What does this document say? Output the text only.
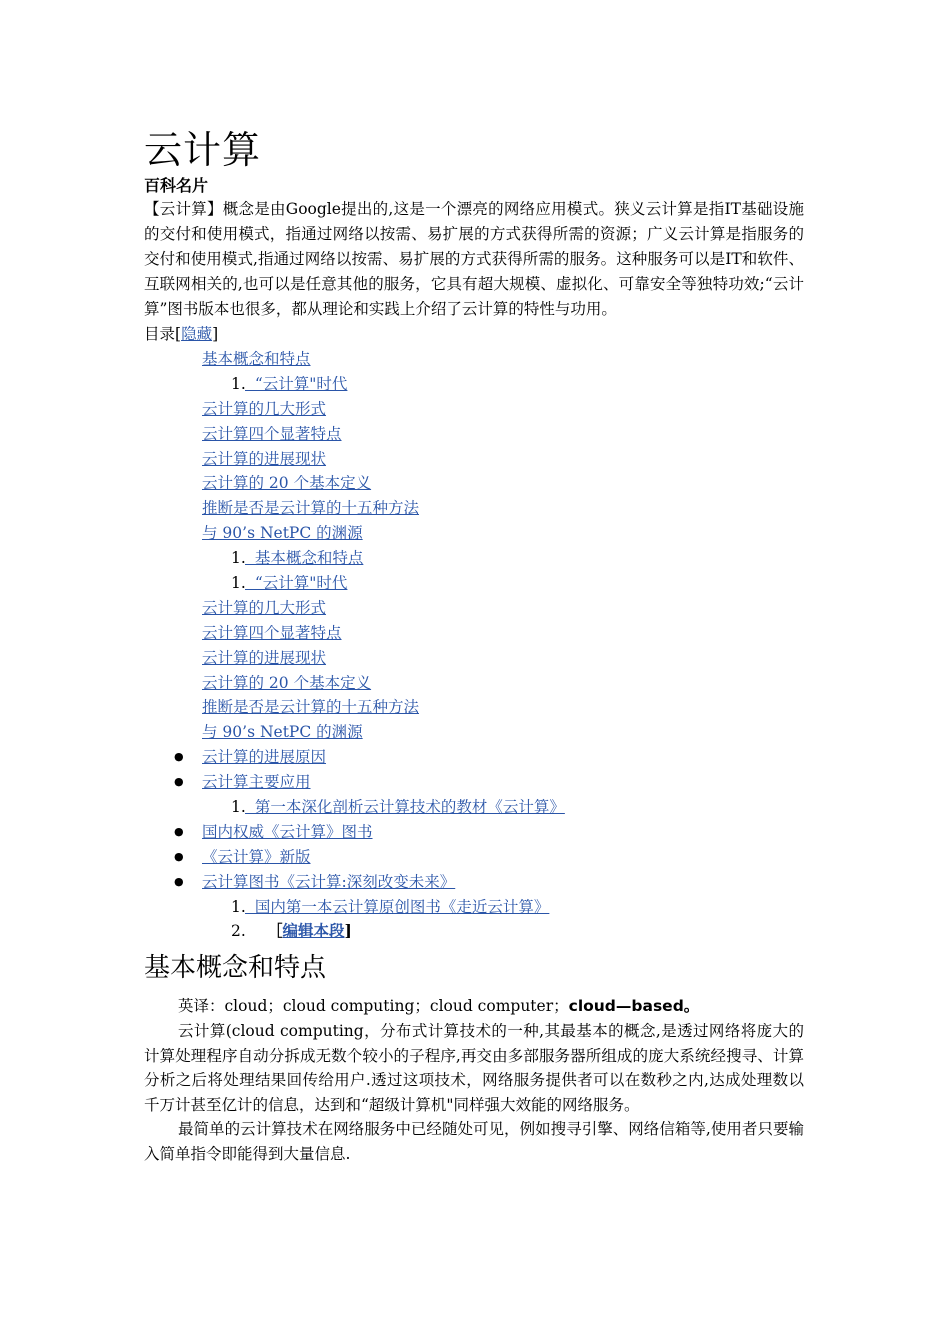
云计算
百科名片

【云计算】概念是由Google提出的,这是一个漂亮的网络应用模式。狭义云计算是指IT基础设施的交付和使用模式，指通过网络以按需、易扩展的方式获得所需的资源；广义云计算是指服务的交付和使用模式,指通过网络以按需、易扩展的方式获得所需的服务。这种服务可以是IT和软件、互联网相关的,也可以是任意其他的服务，它具有超大规模、虚拟化、可靠安全等独特功效;“云计算”图书版本也很多，都从理论和实践上介绍了云计算的特性与功用。

目录[隐藏]
基本概念和特点
1.  “云计算"时代
云计算的几大形式
云计算四个显著特点
云计算的进展现状
云计算的 20 个基本定义
推断是否是云计算的十五种方法
与 90’s NetPC 的渊源
1.  基本概念和特点
1.  “云计算"时代
云计算的几大形式
云计算四个显著特点
云计算的进展现状
云计算的 20 个基本定义
推断是否是云计算的十五种方法
与 90’s NetPC 的渊源
● 云计算的进展原因
● 云计算主要应用
1.  第一本深化剖析云计算技术的教材《云计算》
● 国内权威《云计算》图书
● 《云计算》新版
● 云计算图书《云计算:深刻改变未来》
1.  国内第一本云计算原创图书《走近云计算》
2. ［编辑本段]
基本概念和特点

英译：cloud；cloud computing；cloud computer；cloud—based。

云计算(cloud computing，分布式计算技术的一种,其最基本的概念,是透过网络将庞大的计算处理程序自动分拆成无数个较小的子程序,再交由多部服务器所组成的庞大系统经搜寻、计算分析之后将处理结果回传给用户.透过这项技术，网络服务提供者可以在数秒之内,达成处理数以千万计甚至亿计的信息，达到和“超级计算机"同样强大效能的网络服务。

最简单的云计算技术在网络服务中已经随处可见，例如搜寻引擎、网络信箱等,使用者只要输入简单指令即能得到大量信息.
